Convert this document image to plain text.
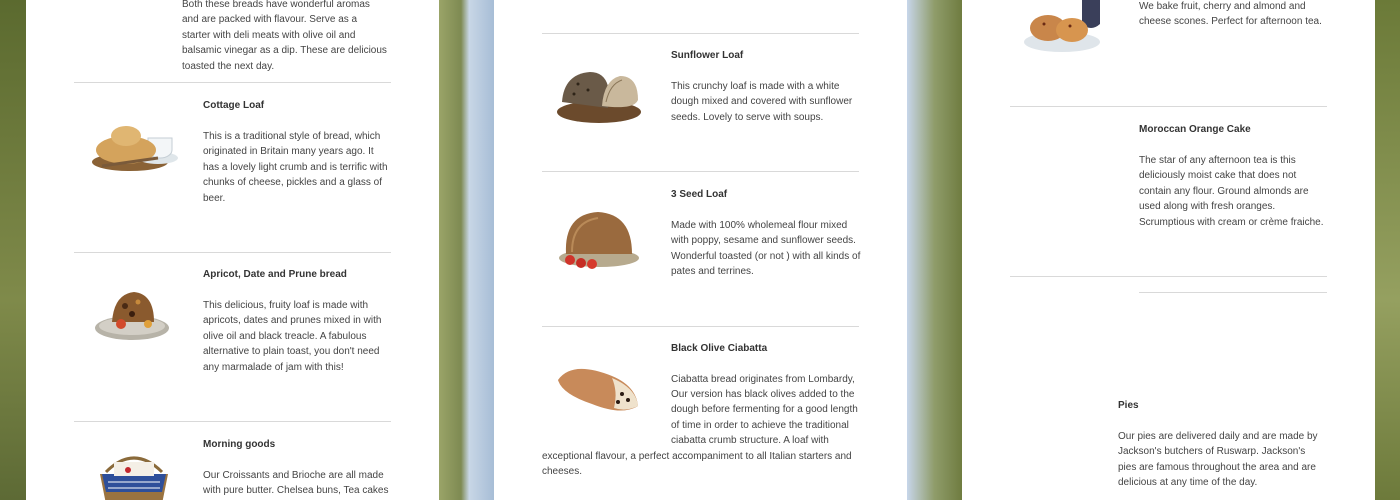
Both these breads have wonderful aromas and are packed with flavour. Serve as a starter with deli meats with olive oil and balsamic vinegar as a dip. These are delicious toasted the next day.
Cottage Loaf
This is a traditional style of bread, which originated in Britain many years ago. It has a lovely light crumb and is terrific with chunks of cheese, pickles and a glass of beer.
Apricot, Date and Prune bread
This delicious, fruity loaf is made with apricots, dates and prunes mixed in with olive oil and black treacle. A fabulous alternative to plain toast, you don't need any marmalade of jam with this!
Morning goods
Our Croissants and Brioche are all made with pure butter. Chelsea buns, Tea cakes
Sunflower Loaf
This crunchy loaf is made with a white dough mixed and covered with sunflower seeds. Lovely to serve with soups.
3 Seed Loaf
Made with 100% wholemeal flour mixed with poppy, sesame and sunflower seeds. Wonderful toasted (or not ) with all kinds of pates and terrines.
Black Olive Ciabatta
Ciabatta bread originates from Lombardy,
Our version has black olives added to the
dough before fermenting for a good length
of time in order to achieve the traditional
ciabatta crumb structure. A loaf with
exceptional flavour, a perfect accompaniment to all Italian starters and
cheeses.
We bake fruit, cherry and almond and cheese scones. Perfect for afternoon tea.
Moroccan Orange Cake
The star of any afternoon tea is this deliciously moist cake that does not contain any flour. Ground almonds are used along with fresh oranges. Scrumptious with cream or crème fraiche.
Pies
Our pies are delivered daily and are made by Jackson's butchers of Ruswarp. Jackson's pies are famous throughout the area and are delicious at any time of the day.
